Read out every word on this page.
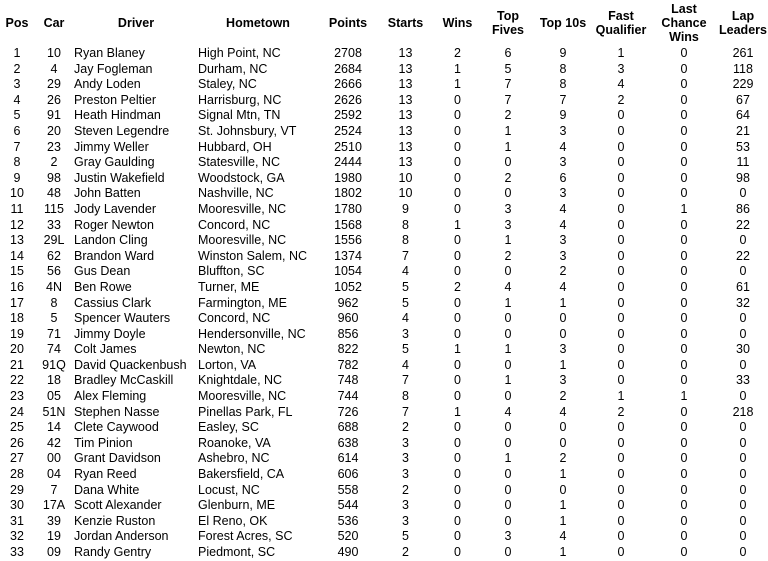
Pos	Car	Driver	Hometown	Points	Starts	Wins	Top Fives	Top 10s	Fast Qualifier	Last Chance Wins	Lap Leaders
1	10	Ryan Blaney	High Point, NC	2708	13	2	6	9	1	0	261
2	4	Jay Fogleman	Durham, NC	2684	13	1	5	8	3	0	118
3	29	Andy Loden	Staley, NC	2666	13	1	7	8	4	0	229
4	26	Preston Peltier	Harrisburg, NC	2626	13	0	7	7	2	0	67
5	91	Heath Hindman	Signal Mtn, TN	2592	13	0	2	9	0	0	64
6	20	Steven Legendre	St. Johnsbury, VT	2524	13	0	1	3	0	0	21
7	23	Jimmy Weller	Hubbard, OH	2510	13	0	1	4	0	0	53
8	2	Gray Gaulding	Statesville, NC	2444	13	0	0	3	0	0	11
9	98	Justin Wakefield	Woodstock, GA	1980	10	0	2	6	0	0	98
10	48	John Batten	Nashville, NC	1802	10	0	0	3	0	0	0
11	115	Jody Lavender	Mooresville, NC	1780	9	0	3	4	0	1	86
12	33	Roger Newton	Concord, NC	1568	8	1	3	4	0	0	22
13	29L	Landon Cling	Mooresville, NC	1556	8	0	1	3	0	0	0
14	62	Brandon Ward	Winston Salem, NC	1374	7	0	2	3	0	0	22
15	56	Gus Dean	Bluffton, SC	1054	4	0	0	2	0	0	0
16	4N	Ben Rowe	Turner, ME	1052	5	2	4	4	0	0	61
17	8	Cassius Clark	Farmington, ME	962	5	0	1	1	0	0	32
18	5	Spencer Wauters	Concord, NC	960	4	0	0	0	0	0	0
19	71	Jimmy Doyle	Hendersonville, NC	856	3	0	0	0	0	0	0
20	74	Colt James	Newton, NC	822	5	1	1	3	0	0	30
21	91Q	David Quackenbush	Lorton, VA	782	4	0	0	1	0	0	0
22	18	Bradley McCaskill	Knightdale, NC	748	7	0	1	3	0	0	33
23	05	Alex Fleming	Mooresville, NC	744	8	0	0	2	1	1	0
24	51N	Stephen Nasse	Pinellas Park, FL	726	7	1	4	4	2	0	218
25	14	Clete Caywood	Easley, SC	688	2	0	0	0	0	0	0
26	42	Tim Pinion	Roanoke, VA	638	3	0	0	0	0	0	0
27	00	Grant Davidson	Ashebro, NC	614	3	0	1	2	0	0	0
28	04	Ryan Reed	Bakersfield, CA	606	3	0	0	1	0	0	0
29	7	Dana White	Locust, NC	558	2	0	0	0	0	0	0
30	17A	Scott Alexander	Glenburn, ME	544	3	0	0	1	0	0	0
31	39	Kenzie Ruston	El Reno, OK	536	3	0	0	1	0	0	0
32	19	Jordan Anderson	Forest Acres, SC	520	5	0	3	4	0	0	0
33	09	Randy Gentry	Piedmont, SC	490	2	0	0	1	0	0	0
